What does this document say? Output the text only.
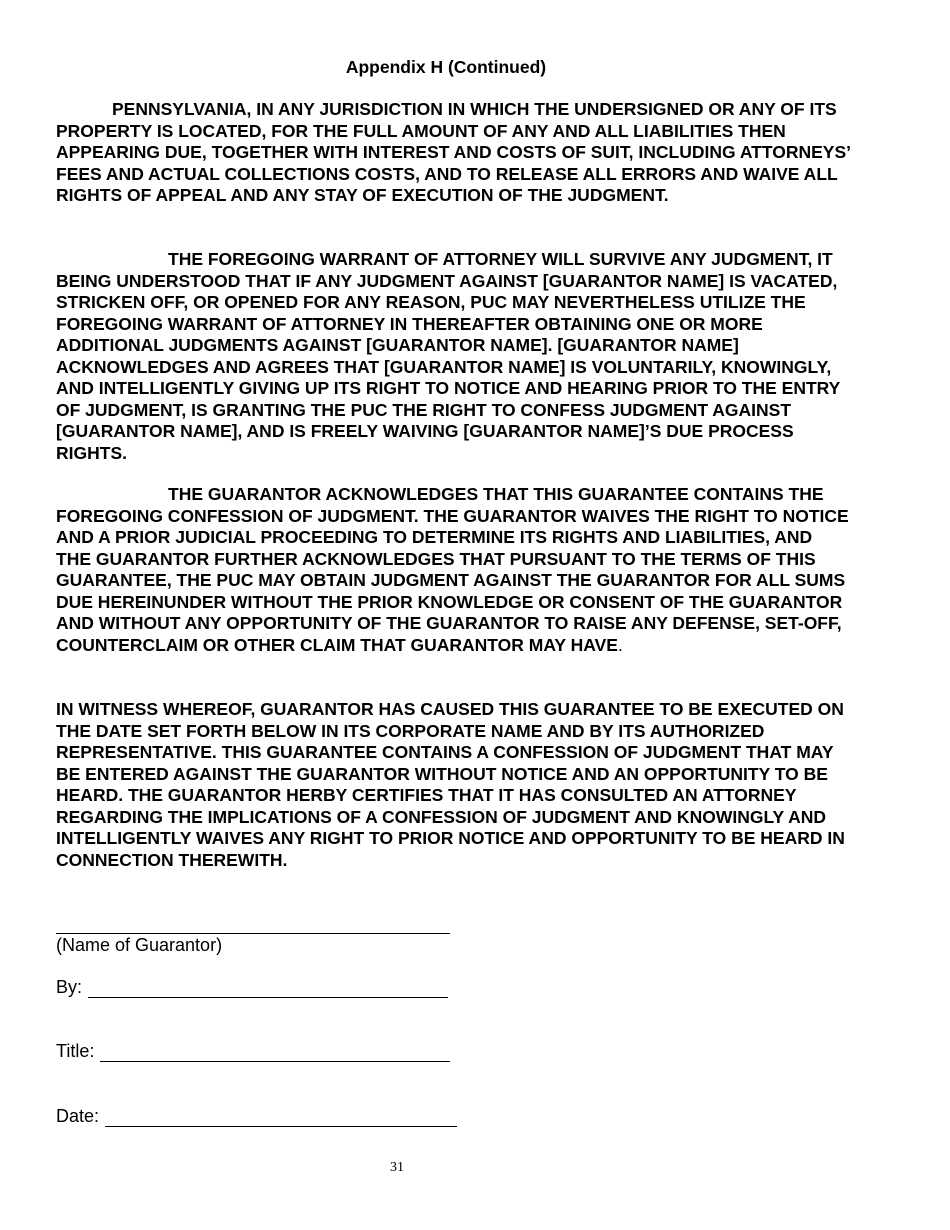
Appendix H (Continued)

PENNSYLVANIA, IN ANY JURISDICTION IN WHICH THE UNDERSIGNED OR ANY OF ITS PROPERTY IS LOCATED, FOR THE FULL AMOUNT OF ANY AND ALL LIABILITIES THEN APPEARING DUE, TOGETHER WITH INTEREST AND COSTS OF SUIT, INCLUDING ATTORNEYS’ FEES AND ACTUAL COLLECTIONS COSTS, AND TO RELEASE ALL ERRORS AND WAIVE ALL RIGHTS OF APPEAL AND ANY STAY OF EXECUTION OF THE JUDGMENT.

THE FOREGOING WARRANT OF ATTORNEY WILL SURVIVE ANY JUDGMENT, IT BEING UNDERSTOOD THAT IF ANY JUDGMENT AGAINST [GUARANTOR NAME] IS VACATED, STRICKEN OFF, OR OPENED FOR ANY REASON, PUC MAY NEVERTHELESS UTILIZE THE FOREGOING WARRANT OF ATTORNEY IN THEREAFTER OBTAINING ONE OR MORE ADDITIONAL JUDGMENTS AGAINST [GUARANTOR NAME]. [GUARANTOR NAME] ACKNOWLEDGES AND AGREES THAT [GUARANTOR NAME] IS VOLUNTARILY, KNOWINGLY, AND INTELLIGENTLY GIVING UP ITS RIGHT TO NOTICE AND HEARING PRIOR TO THE ENTRY OF JUDGMENT, IS GRANTING THE PUC THE RIGHT TO CONFESS JUDGMENT AGAINST [GUARANTOR NAME], AND IS FREELY WAIVING [GUARANTOR NAME]’S DUE PROCESS RIGHTS.

THE GUARANTOR ACKNOWLEDGES THAT THIS GUARANTEE CONTAINS THE FOREGOING CONFESSION OF JUDGMENT. THE GUARANTOR WAIVES THE RIGHT TO NOTICE AND A PRIOR JUDICIAL PROCEEDING TO DETERMINE ITS RIGHTS AND LIABILITIES, AND THE GUARANTOR FURTHER ACKNOWLEDGES THAT PURSUANT TO THE TERMS OF THIS GUARANTEE, THE PUC MAY OBTAIN JUDGMENT AGAINST THE GUARANTOR FOR ALL SUMS DUE HEREINUNDER WITHOUT THE PRIOR KNOWLEDGE OR CONSENT OF THE GUARANTOR AND WITHOUT ANY OPPORTUNITY OF THE GUARANTOR TO RAISE ANY DEFENSE, SET-OFF, COUNTERCLAIM OR OTHER CLAIM THAT GUARANTOR MAY HAVE.

IN WITNESS WHEREOF, GUARANTOR HAS CAUSED THIS GUARANTEE TO BE EXECUTED ON THE DATE SET FORTH BELOW IN ITS CORPORATE NAME AND BY ITS AUTHORIZED REPRESENTATIVE. THIS GUARANTEE CONTAINS A CONFESSION OF JUDGMENT THAT MAY BE ENTERED AGAINST THE GUARANTOR WITHOUT NOTICE AND AN OPPORTUNITY TO BE HEARD. THE GUARANTOR HERBY CERTIFIES THAT IT HAS CONSULTED AN ATTORNEY REGARDING THE IMPLICATIONS OF A CONFESSION OF JUDGMENT AND KNOWINGLY AND INTELLIGENTLY WAIVES ANY RIGHT TO PRIOR NOTICE AND OPPORTUNITY TO BE HEARD IN CONNECTION THEREWITH.

(Name of Guarantor)
By:
Title:
Date:
31
